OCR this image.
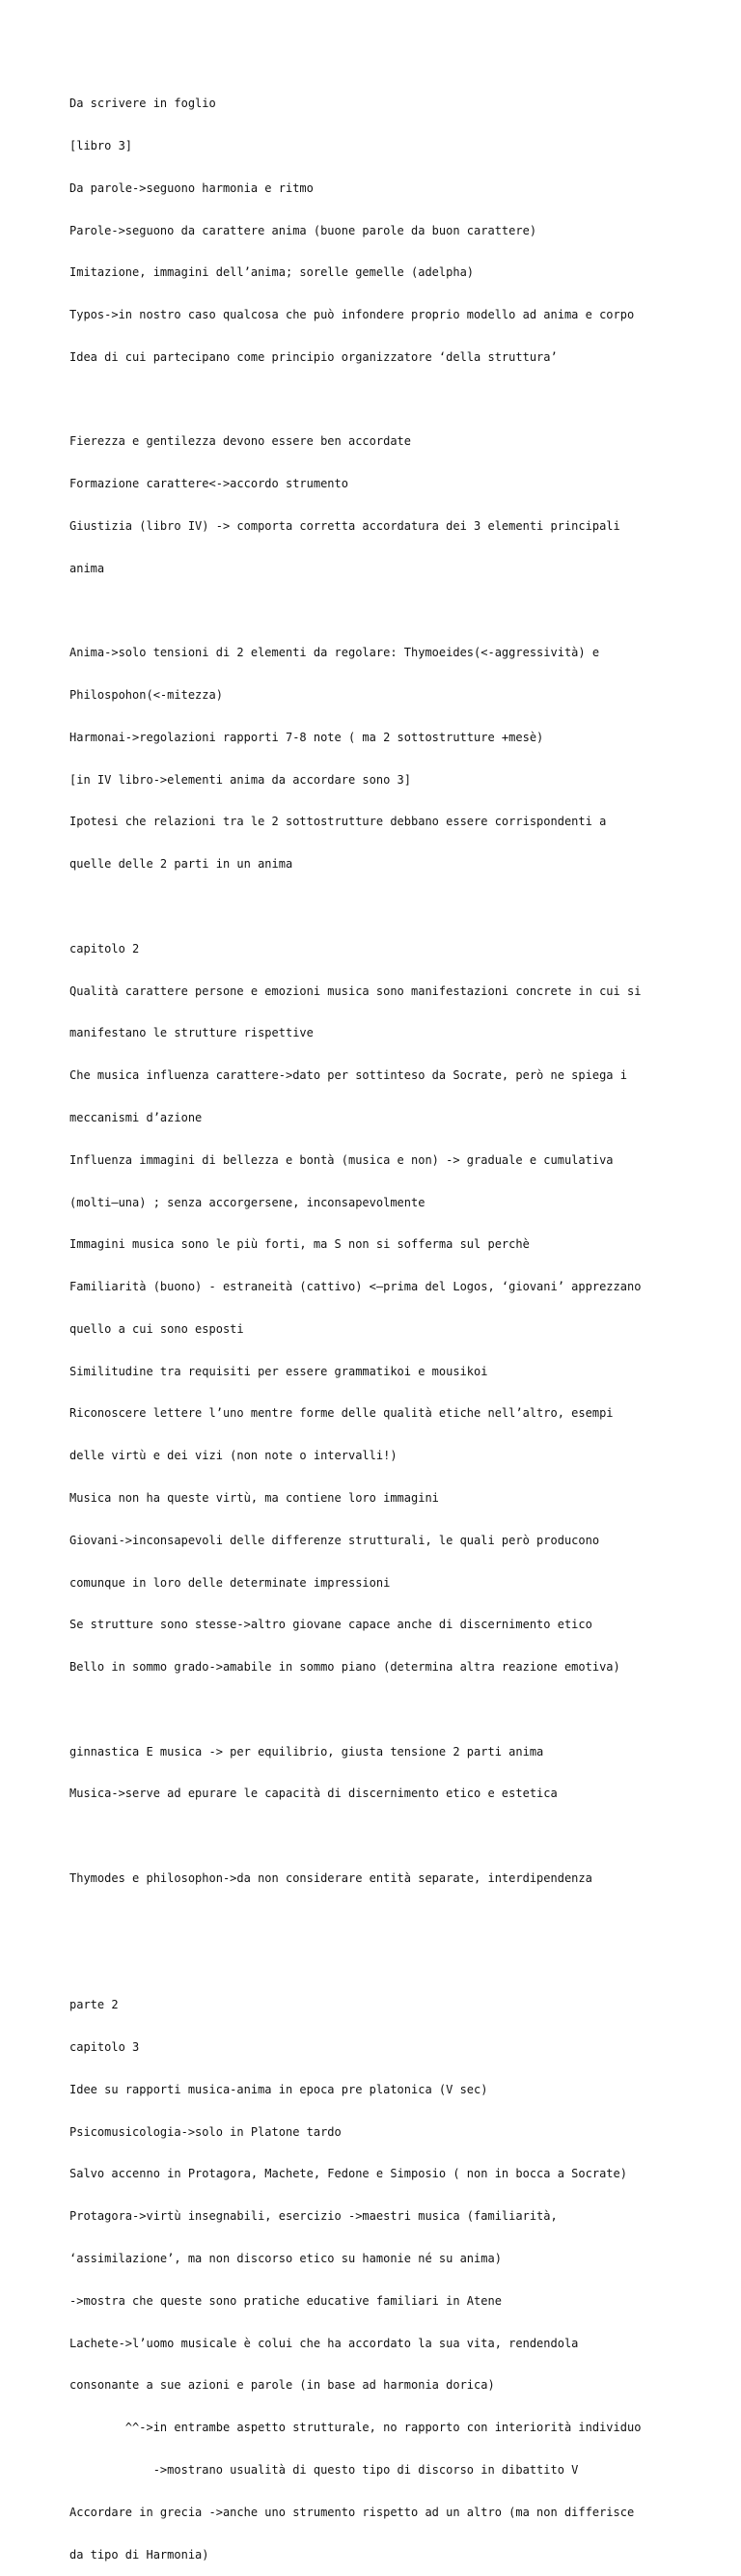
Da scrivere in foglio

[libro 3]

Da parole->seguono harmonia e ritmo

Parole->seguono da carattere anima (buone parole da buon carattere)

Imitazione, immagini dell’anima; sorelle gemelle (adelpha)

Typos->in nostro caso qualcosa che può infondere proprio modello ad anima e corpo

Idea di cui partecipano come principio organizzatore ‘della struttura’

Fierezza e gentilezza devono essere ben accordate

Formazione carattere<->accordo strumento

Giustizia (libro IV) -> comporta corretta accordatura dei 3 elementi principali

anima

Anima->solo tensioni di 2 elementi da regolare: Thymoeides(<-aggressività) e

Philospohon(<-mitezza)

Harmonai->regolazioni rapporti 7-8 note ( ma 2 sottostrutture +mesè)

[in IV libro->elementi anima da accordare sono 3]

Ipotesi che relazioni tra le 2 sottostrutture debbano essere corrispondenti a

quelle delle 2 parti in un anima

capitolo 2

Qualità carattere persone e emozioni musica sono manifestazioni concrete in cui si

manifestano le strutture rispettive

Che musica influenza carattere->dato per sottinteso da Socrate, però ne spiega i

meccanismi d’azione

Influenza immagini di bellezza e bontà (musica e non) -> graduale e cumulativa

(molti—una) ; senza accorgersene, inconsapevolmente

Immagini musica sono le più forti, ma S non si sofferma sul perchè

Familiarità (buono) - estraneità (cattivo) <—prima del Logos, ‘giovani’ apprezzano

quello a cui sono esposti

Similitudine tra requisiti per essere grammatikoi e mousikoi

Riconoscere lettere l’uno mentre forme delle qualità etiche nell’altro, esempi

delle virtù e dei vizi (non note o intervalli!)

Musica non ha queste virtù, ma contiene loro immagini

Giovani->inconsapevoli delle differenze strutturali, le quali però producono

comunque in loro delle determinate impressioni

Se strutture sono stesse->altro giovane capace anche di discernimento etico

Bello in sommo grado->amabile in sommo piano (determina altra reazione emotiva)

ginnastica E musica -> per equilibrio, giusta tensione 2 parti anima

Musica->serve ad epurare le capacità di discernimento etico e estetica

Thymodes e philosophon->da non considerare entità separate, interdipendenza

parte 2

capitolo 3

Idee su rapporti musica-anima in epoca pre platonica (V sec)

Psicomusicologia->solo in Platone tardo

Salvo accenno in Protagora, Machete, Fedone e Simposio ( non in bocca a Socrate)

Protagora->virtù insegnabili, esercizio ->maestri musica (familiarità,

‘assimilazione’, ma non discorso etico su hamonie né su anima)

->mostra che queste sono pratiche educative familiari in Atene

Lachete->l’uomo musicale è colui che ha accordato la sua vita, rendendola

consonante a sue azioni e parole (in base ad harmonia dorica)

^^->in entrambe aspetto strutturale, no rapporto con interiorità individuo

->mostrano usualità di questo tipo di discorso in dibattito V

Accordare in grecia ->anche uno strumento rispetto ad un altro (ma non differisce

da tipo di Harmonia)
